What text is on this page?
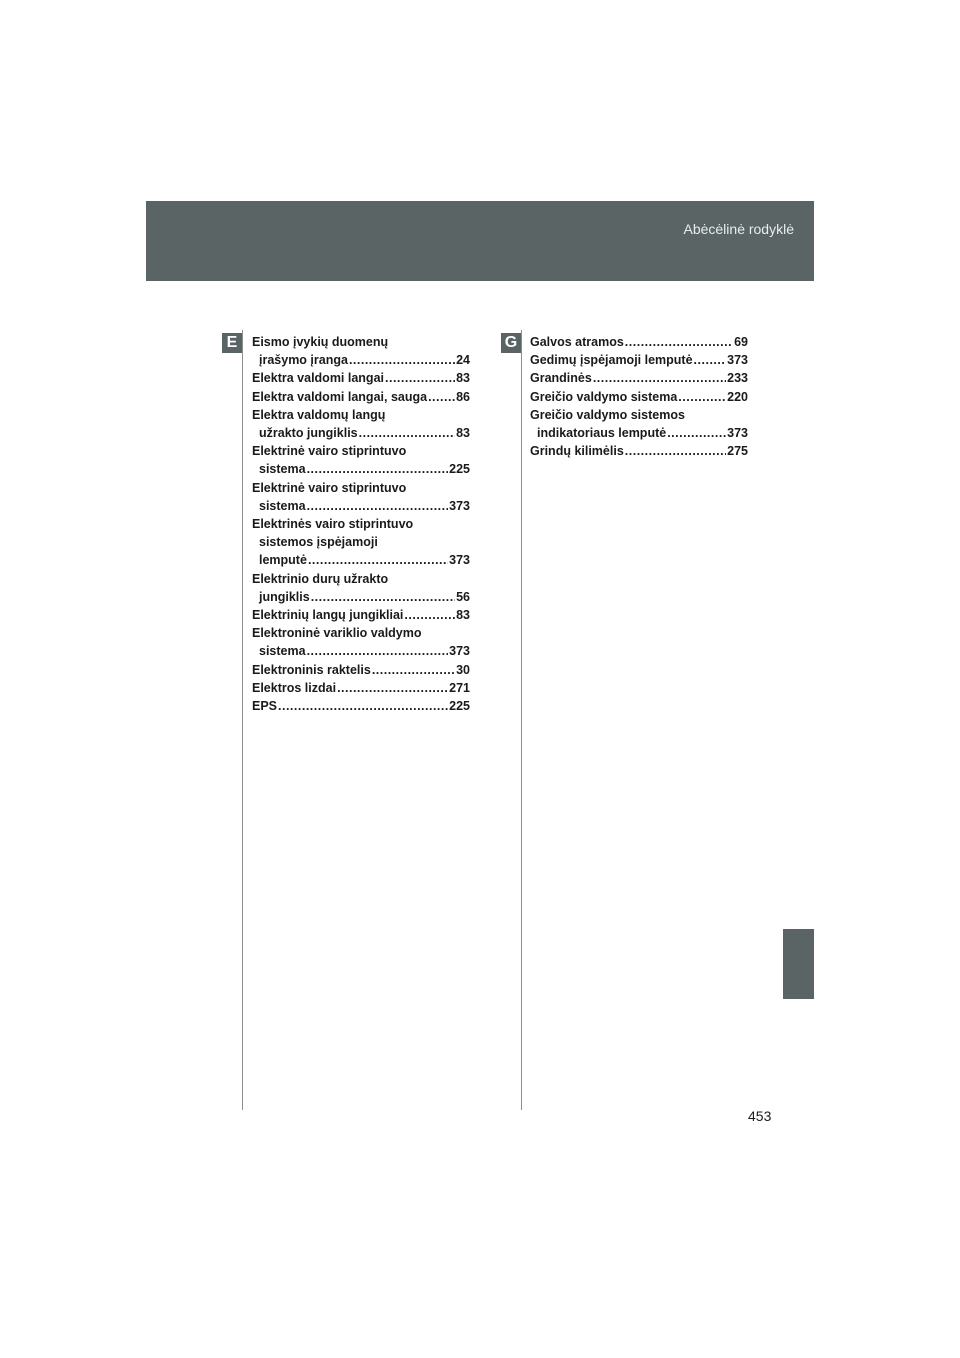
Abėcėlinė rodyklė
E	Eismo įvykių duomenų
įrašymo įranga .....	24
Elektra valdomi langai .....	83
Elektra valdomi langai, sauga ..... 86
Elektra valdomų langų
užrakto jungiklis .....	83
Elektrinė vairo stiprintuvo
sistema .....	225
Elektrinė vairo stiprintuvo
sistema .....	373
Elektrinės vairo stiprintuvo
sistemos įspėjamoji
lemputė .....	373
Elektrinio durų užrakto
jungiklis .....	56
Elektrinių langų jungikliai .....	83
Elektroninė variklio valdymo
sistema .....	373
Elektroninis raktelis .....	30
Elektros lizdai .....	271
EPS .....	225
G	Galvos atramos .....	69
Gedimų įspėjamoji lemputė .....	373
Grandinės .....	233
Greičio valdymo sistema .....	220
Greičio valdymo sistemos
indikatoriaus lemputė .....	373
Grindų kilimėlis .....	275
453
